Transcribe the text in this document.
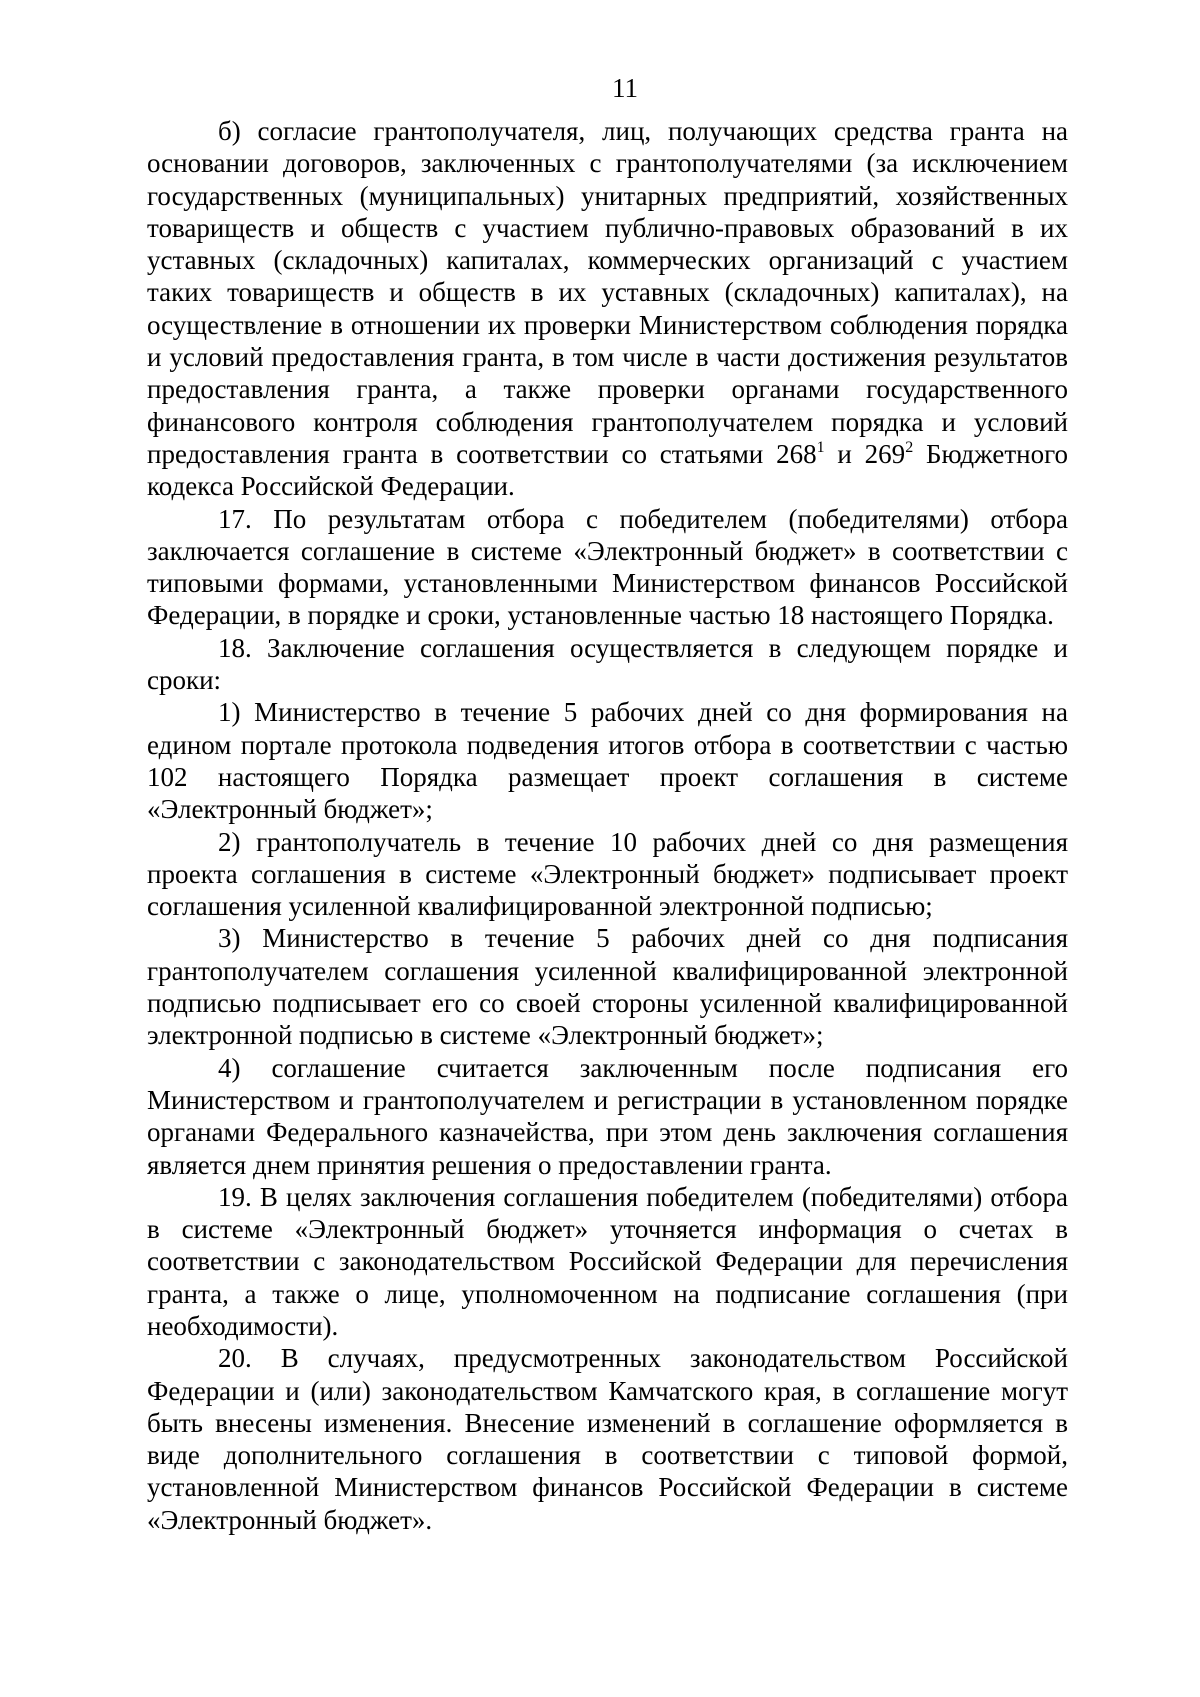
11

б) согласие грантополучателя, лиц, получающих средства гранта на основании договоров, заключенных с грантополучателями (за исключением государственных (муниципальных) унитарных предприятий, хозяйственных товариществ и обществ с участием публично-правовых образований в их уставных (складочных) капиталах, коммерческих организаций с участием таких товариществ и обществ в их уставных (складочных) капиталах), на осуществление в отношении их проверки Министерством соблюдения порядка и условий предоставления гранта, в том числе в части достижения результатов предоставления гранта, а также проверки органами государственного финансового контроля соблюдения грантополучателем порядка и условий предоставления гранта в соответствии со статьями $268^1$ и $269^2$ Бюджетного кодекса Российской Федерации.

17. По результатам отбора с победителем (победителями) отбора заключается соглашение в системе «Электронный бюджет» в соответствии с типовыми формами, установленными Министерством финансов Российской Федерации, в порядке и сроки, установленные частью 18 настоящего Порядка.

18. Заключение соглашения осуществляется в следующем порядке и сроки:

1) Министерство в течение 5 рабочих дней со дня формирования на едином портале протокола подведения итогов отбора в соответствии с частью 102 настоящего Порядка размещает проект соглашения в системе «Электронный бюджет»;

2) грантополучатель в течение 10 рабочих дней со дня размещения проекта соглашения в системе «Электронный бюджет» подписывает проект соглашения усиленной квалифицированной электронной подписью;

3) Министерство в течение 5 рабочих дней со дня подписания грантополучателем соглашения усиленной квалифицированной электронной подписью подписывает его со своей стороны усиленной квалифицированной электронной подписью в системе «Электронный бюджет»;

4) соглашение считается заключенным после подписания его Министерством и грантополучателем и регистрации в установленном порядке органами Федерального казначейства, при этом день заключения соглашения является днем принятия решения о предоставлении гранта.

19. В целях заключения соглашения победителем (победителями) отбора в системе «Электронный бюджет» уточняется информация о счетах в соответствии с законодательством Российской Федерации для перечисления гранта, а также о лице, уполномоченном на подписание соглашения (при необходимости).

20. В случаях, предусмотренных законодательством Российской Федерации и (или) законодательством Камчатского края, в соглашение могут быть внесены изменения. Внесение изменений в соглашение оформляется в виде дополнительного соглашения в соответствии с типовой формой, установленной Министерством финансов Российской Федерации в системе «Электронный бюджет».
